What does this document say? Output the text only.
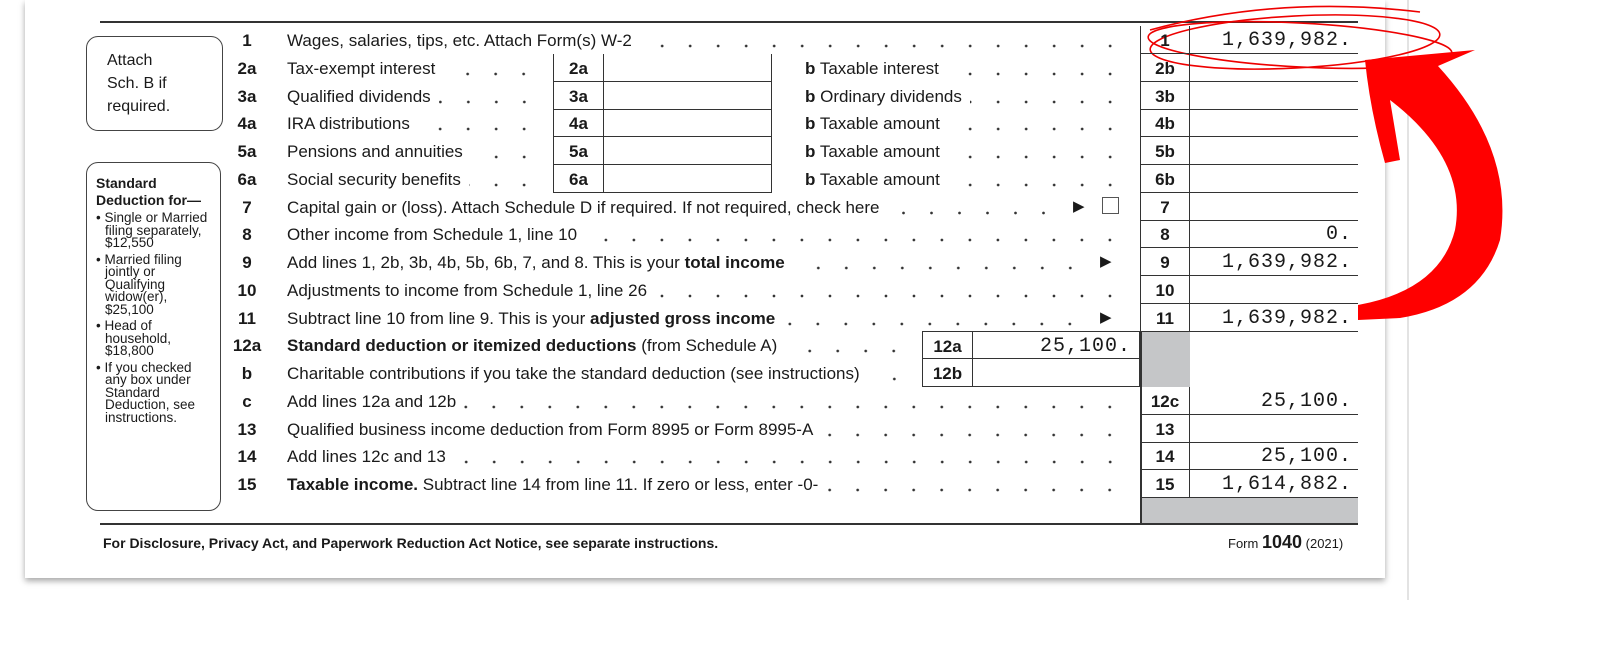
Attach
Sch. B if
required.
Standard Deduction for—
• Single or Married filing separately, $12,550
• Married filing jointly or Qualifying widow(er), $25,100
• Head of household, $18,800
• If you checked any box under Standard Deduction, see instructions.
1	Wages, salaries, tips, etc. Attach Form(s) W-2	1	1,639,982.
2a	Tax-exempt interest	2a	b Taxable interest	2b
3a	Qualified dividends	3a	b Ordinary dividends	3b
4a	IRA distributions	4a	b Taxable amount	4b
5a	Pensions and annuities	5a	b Taxable amount	5b
6a	Social security benefits	6a	b Taxable amount	6b
7	Capital gain or (loss). Attach Schedule D if required. If not required, check here	▶	7
8	Other income from Schedule 1, line 10	8	0.
9	Add lines 1, 2b, 3b, 4b, 5b, 6b, 7, and 8. This is your total income	▶	9	1,639,982.
10	Adjustments to income from Schedule 1, line 26	10
11	Subtract line 10 from line 9. This is your adjusted gross income	▶	11	1,639,982.
12a	Standard deduction or itemized deductions (from Schedule A)	12a	25,100.
b	Charitable contributions if you take the standard deduction (see instructions)	12b
c	Add lines 12a and 12b	12c	25,100.
13	Qualified business income deduction from Form 8995 or Form 8995-A	13
14	Add lines 12c and 13	14	25,100.
15	Taxable income. Subtract line 14 from line 11. If zero or less, enter -0-	15	1,614,882.
For Disclosure, Privacy Act, and Paperwork Reduction Act Notice, see separate instructions.	Form 1040 (2021)
